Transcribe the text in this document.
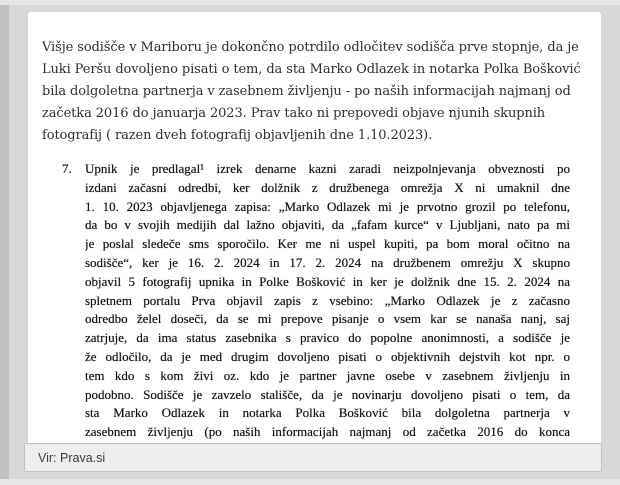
Višje sodišče v Mariboru je dokončno potrdilo odločitev sodišča prve stopnje, da je
Luki Peršu dovoljeno pisati o tem, da sta Marko Odlazek in notarka Polka Bošković
bila dolgoletna partnerja v zasebnem življenju - po naših informacijah najmanj od
začetka 2016 do januarja 2023. Prav tako ni prepovedi objave njunih skupnih
fotografij ( razen dveh fotografij objavljenih dne 1.10.2023).
7.	Upnik je predlagal¹ izrek denarne kazni zaradi neizpolnjevanja obveznosti po
izdani začasni odredbi, ker dolžnik z družbenega omrežja X ni umaknil dne
1. 10. 2023 objavljenega zapisa: „Marko Odlazek mi je prvotno grozil po telefonu,
da bo v svojih medijih dal lažno objaviti, da „fafam kurce“ v Ljubljani, nato pa mi
je poslal sledeče sms sporočilo. Ker me ni uspel kupiti, pa bom moral očitno na
sodišče“, ker je 16. 2. 2024 in 17. 2. 2024 na družbenem omrežju X skupno
objavil 5 fotografij upnika in Polke Bošković in ker je dolžnik dne 15. 2. 2024 na
spletnem portalu Prva objavil zapis z vsebino: „Marko Odlazek je z začasno
odredbo želel doseči, da se mi prepove pisanje o vsem kar se nanaša nanj, saj
zatrjuje, da ima status zasebnika s pravico do popolne anonimnosti, a sodišče je
že odločilo, da je med drugim dovoljeno pisati o objektivnih dejstvih kot npr. o
tem kdo s kom živi oz. kdo je partner javne osebe v zasebnem življenju in
podobno. Sodišče je zavzelo stališče, da je novinarju dovoljeno pisati o tem, da
sta Marko Odlazek in notarka Polka Bošković bila dolgoletna partnerja v
zasebnem življenju (po naših informacijah najmanj od začetka 2016 do konca
Vir: Prava.si
